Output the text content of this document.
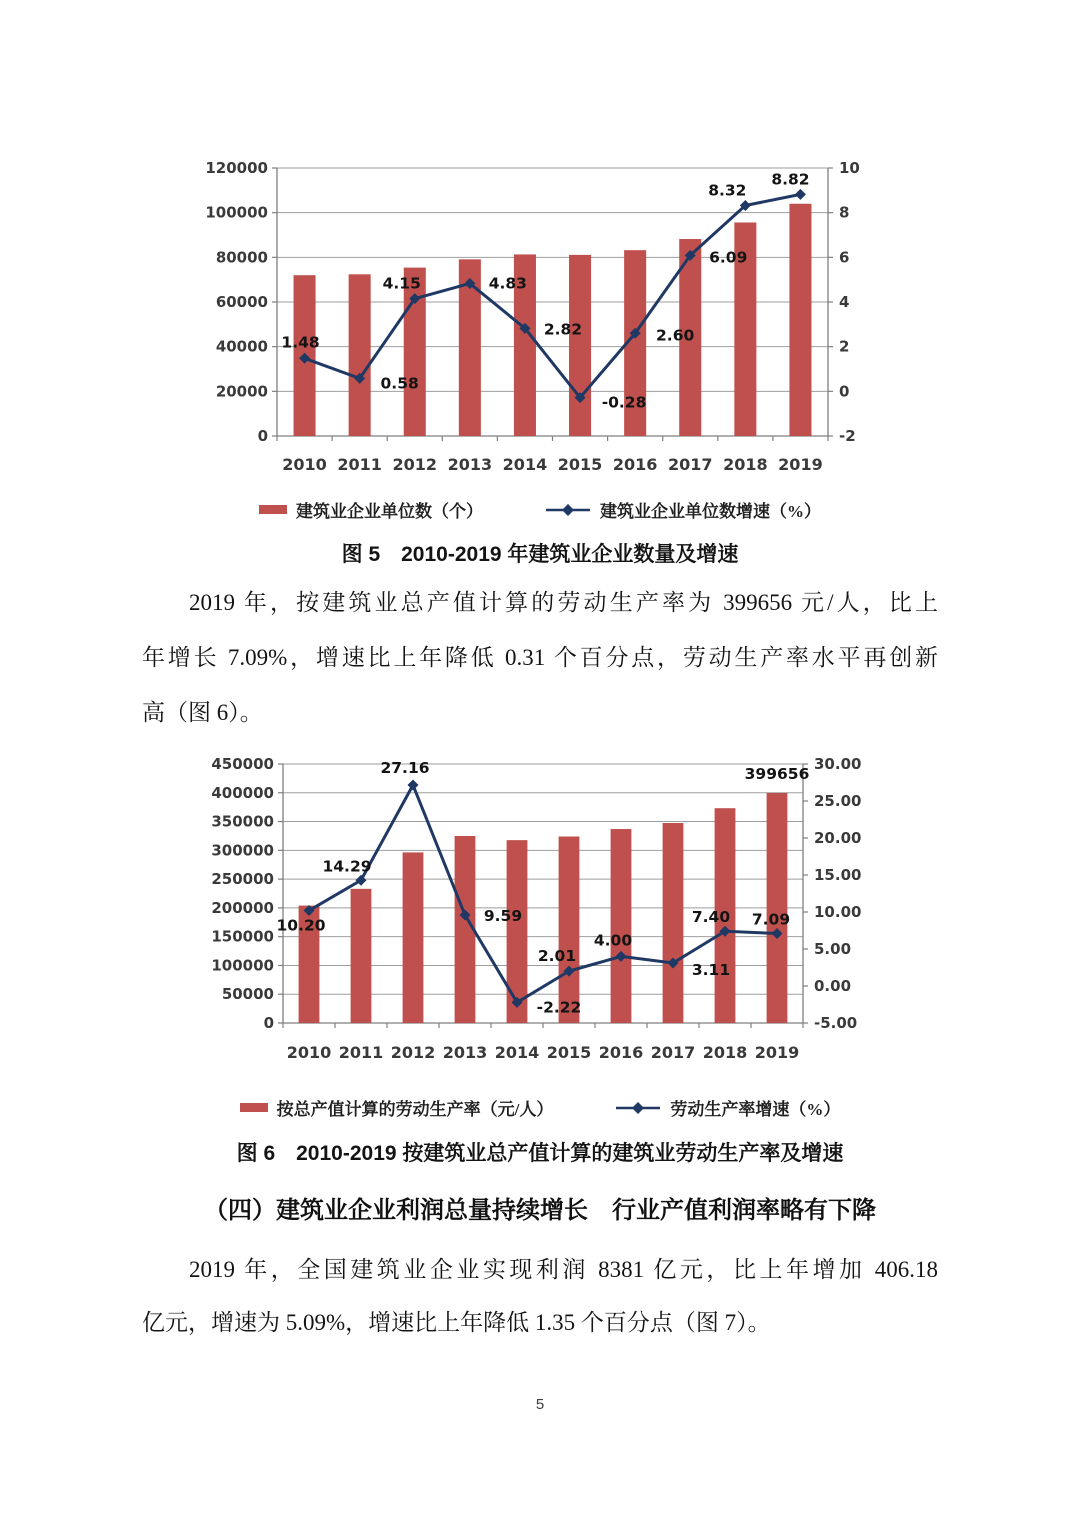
0
20000
40000
60000
80000
100000
120000
-2
0
2
4
6
8
10
1.48
0.58
4.15	4.83
2.82
-0.28
2.60
6.09
8.32
8.82
2010 2011 2012 2013 2014 2015 2016 2017 2018 2019
建筑业企业单位数（个）	建筑业企业单位数增速（%）
图 5　2010-2019 年建筑业企业数量及增速
2019 年，按建筑业总产值计算的劳动生产率为 399656 元/人，比上
年增长 7.09%，增速比上年降低 0.31 个百分点，劳动生产率水平再创新
高（图 6）。
0
50000
100000
150000
200000
250000
300000
350000
400000
450000
-5.00
0.00
5.00
10.00
15.00
20.00
25.00
30.00
10.20
14.29
27.16
9.59
-2.22
2.01
4.00
3.11
7.40 7.09
399656
2010 2011 2012 2013 2014 2015 2016 2017 2018 2019
按总产值计算的劳动生产率（元/人）	劳动生产率增速（%）
图 6　2010-2019 按建筑业总产值计算的建筑业劳动生产率及增速
（四）建筑业企业利润总量持续增长　行业产值利润率略有下降
2019 年，全国建筑业企业实现利润 8381 亿元，比上年增加 406.18
亿元，增速为 5.09%，增速比上年降低 1.35 个百分点（图 7）。
5
